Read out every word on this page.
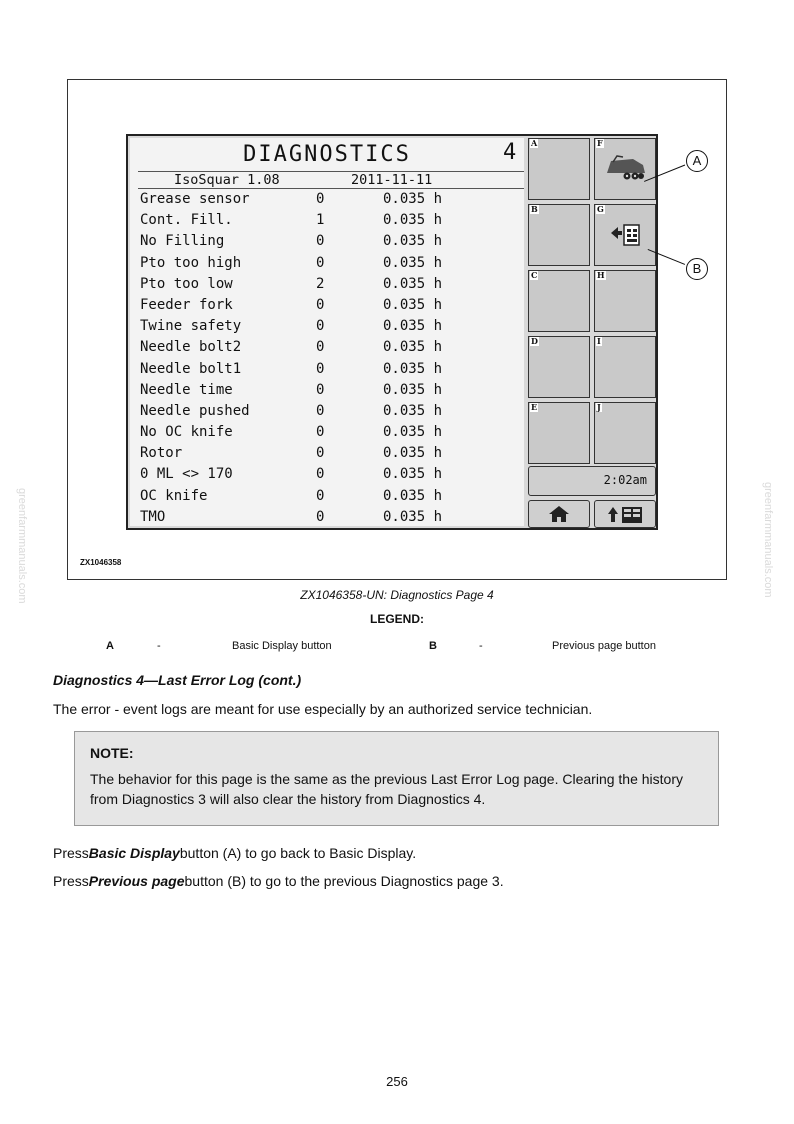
DIAGNOSTICS	4
IsoSquar 1.08	2011-11-11
Grease sensor	0	0.035 h
Cont. Fill.	1	0.035 h
No Filling	0	0.035 h
Pto too high	0	0.035 h
Pto too low	2	0.035 h
Feeder fork	0	0.035 h
Twine safety	0	0.035 h
Needle bolt2	0	0.035 h
Needle bolt1	0	0.035 h
Needle time	0	0.035 h
Needle pushed	0	0.035 h
No OC knife	0	0.035 h
Rotor	0	0.035 h
0 ML <> 170	0	0.035 h
OC knife	0	0.035 h
TMO	0	0.035 h
A	F
B	G
C	H
D	I
E	J
2:02am
A
B
ZX1046358
ZX1046358-UN: Diagnostics Page 4
LEGEND:
A	-	Basic Display button	B	-	Previous page button
Diagnostics 4—Last Error Log (cont.)
The error - event logs are meant for use especially by an authorized service technician.
NOTE:
The behavior for this page is the same as the previous Last Error Log page. Clearing the history from Diagnostics 3 will also clear the history from Diagnostics 4.
PressBasic Displaybutton (A) to go back to Basic Display.
PressPrevious pagebutton (B) to go to the previous Diagnostics page 3.
256
greenfarmmanuals.com	greenfarmmanuals.com
